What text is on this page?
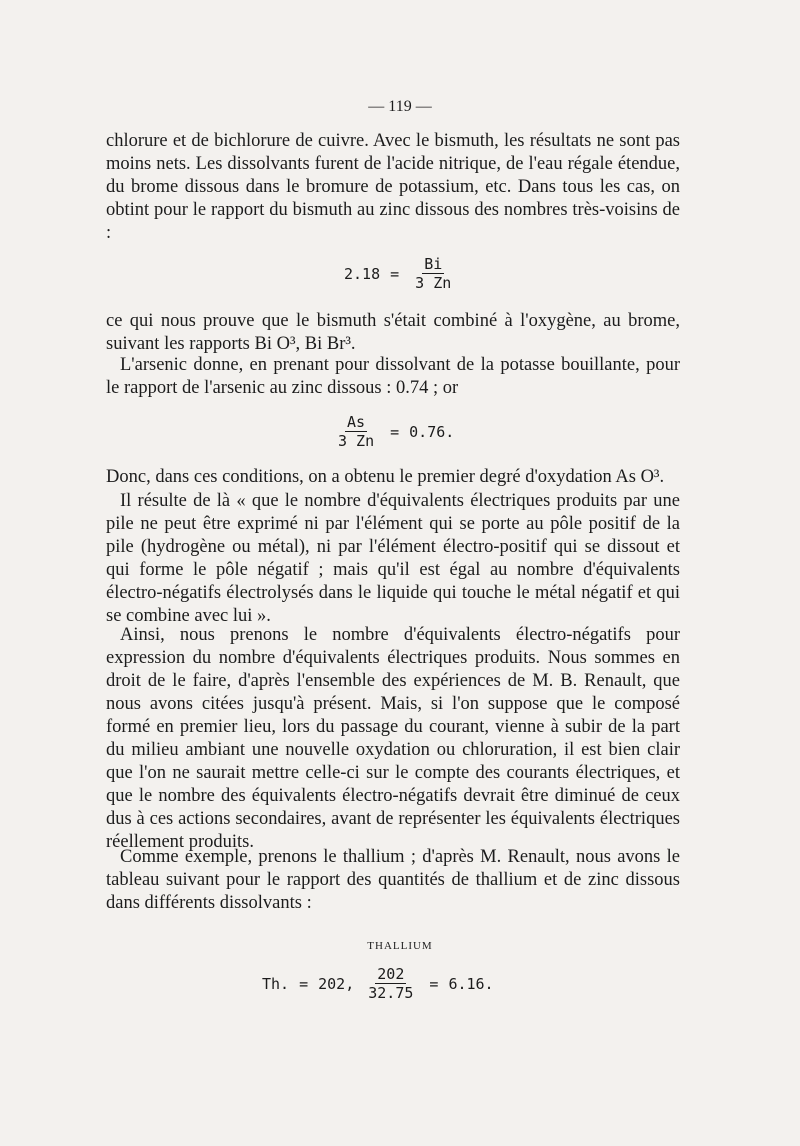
— 119 —

chlorure et de bichlorure de cuivre. Avec le bismuth, les résultats ne sont pas moins nets. Les dissolvants furent de l'acide nitrique, de l'eau régale étendue, du brome dissous dans le bromure de potassium, etc. Dans tous les cas, on obtint pour le rapport du bismuth au zinc dissous des nombres très-voisins de :

$2.18 = \frac{Bi}{3 Zn}$

ce qui nous prouve que le bismuth s'était combiné à l'oxygène, au brome, suivant les rapports Bi O³, Bi Br³.

L'arsenic donne, en prenant pour dissolvant de la potasse bouillante, pour le rapport de l'arsenic au zinc dissous : 0.74 ; or

$\frac{As}{3 Zn} = 0.76$.

Donc, dans ces conditions, on a obtenu le premier degré d'oxydation As O³.

Il résulte de là « que le nombre d'équivalents électriques produits par une pile ne peut être exprimé ni par l'élément qui se porte au pôle positif de la pile (hydrogène ou métal), ni par l'élément électro-positif qui se dissout et qui forme le pôle négatif ; mais qu'il est égal au nombre d'équivalents électro-négatifs électrolysés dans le liquide qui touche le métal négatif et qui se combine avec lui ».

Ainsi, nous prenons le nombre d'équivalents électro-négatifs pour expression du nombre d'équivalents électriques produits. Nous sommes en droit de le faire, d'après l'ensemble des expériences de M. B. Renault, que nous avons citées jusqu'à présent. Mais, si l'on suppose que le composé formé en premier lieu, lors du passage du courant, vienne à subir de la part du milieu ambiant une nouvelle oxydation ou chloruration, il est bien clair que l'on ne saurait mettre celle-ci sur le compte des courants électriques, et que le nombre des équivalents électro-négatifs devrait être diminué de ceux dus à ces actions secondaires, avant de représenter les équivalents électriques réellement produits.

Comme exemple, prenons le thallium ; d'après M. Renault, nous avons le tableau suivant pour le rapport des quantités de thallium et de zinc dissous dans différents dissolvants :

THALLIUM
Th. = 202, $\frac{202}{32.75} = 6.16$.
